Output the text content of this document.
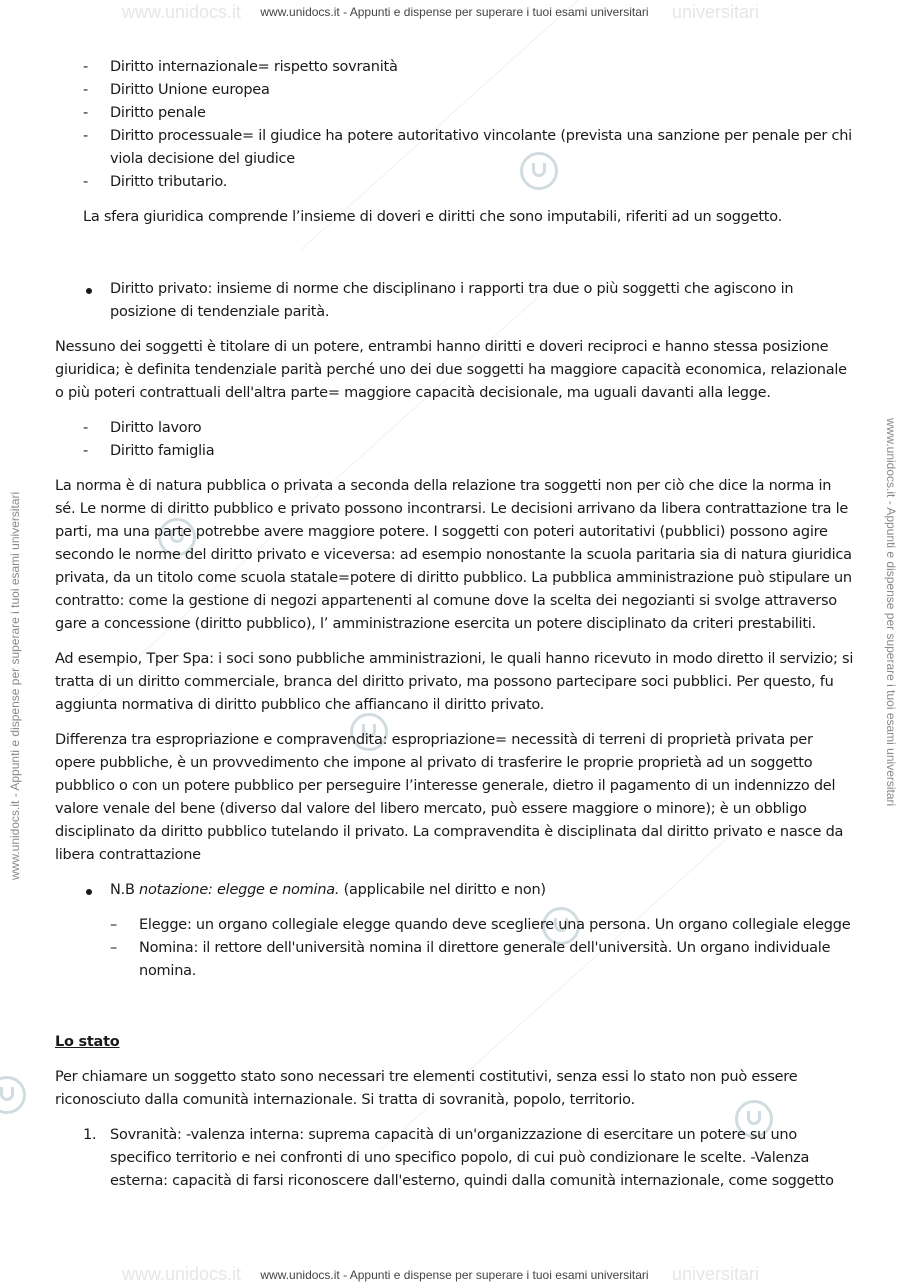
www.unidocs.it	universitari
www.unidocs.it	universitari
www.unidocs.it - Appunti e dispense per superare i tuoi esami universitari
www.unidocs.it - Appunti e dispense per superare i tuoi esami universitari
www.unidocs.it - Appunti e dispense per superare i tuoi esami universitari	www.unidocs.it - Appunti e dispense per superare i tuoi esami universitari
- Diritto internazionale= rispetto sovranità
- Diritto Unione europea
- Diritto penale
- Diritto processuale= il giudice ha potere autoritativo vincolante (prevista una sanzione per penale per chi viola decisione del giudice
- Diritto tributario.

La sfera giuridica comprende l’insieme di doveri e diritti che sono imputabili, riferiti ad un soggetto.

Diritto privato: insieme di norme che disciplinano i rapporti tra due o più soggetti che agiscono in posizione di tendenziale parità.

Nessuno dei soggetti è titolare di un potere, entrambi hanno diritti e doveri reciproci e hanno stessa posizione giuridica; è definita tendenziale parità perché uno dei due soggetti ha maggiore capacità economica, relazionale o più poteri contrattuali dell'altra parte= maggiore capacità decisionale, ma uguali davanti alla legge.

- Diritto lavoro
- Diritto famiglia

La norma è di natura pubblica o privata a seconda della relazione tra soggetti non per ciò che dice la norma in sé. Le norme di diritto pubblico e privato possono incontrarsi. Le decisioni arrivano da libera contrattazione tra le parti, ma una parte potrebbe avere maggiore potere. I soggetti con poteri autoritativi (pubblici) possono agire secondo le norme del diritto privato e viceversa: ad esempio nonostante la scuola paritaria sia di natura giuridica privata, da un titolo come scuola statale=potere di diritto pubblico. La pubblica amministrazione può stipulare un contratto: come la gestione di negozi appartenenti al comune dove la scelta dei negozianti si svolge attraverso gare a concessione (diritto pubblico), l’ amministrazione esercita un potere disciplinato da criteri prestabiliti.

Ad esempio, Tper Spa: i soci sono pubbliche amministrazioni, le quali hanno ricevuto in modo diretto il servizio; si tratta di un diritto commerciale, branca del diritto privato, ma possono partecipare soci pubblici. Per questo, fu aggiunta normativa di diritto pubblico che affiancano il diritto privato.

Differenza tra espropriazione e compravendita: espropriazione= necessità di terreni di proprietà privata per opere pubbliche, è un provvedimento che impone al privato di trasferire le proprie proprietà ad un soggetto pubblico o con un potere pubblico per perseguire l’interesse generale, dietro il pagamento di un indennizzo del valore venale del bene (diverso dal valore del libero mercato, può essere maggiore o minore); è un obbligo disciplinato da diritto pubblico tutelando il privato. La compravendita è disciplinata dal diritto privato e nasce da libera contrattazione

N.B notazione: elegge e nomina. (applicabile nel diritto e non)
– Elegge: un organo collegiale elegge quando deve scegliere una persona. Un organo collegiale elegge
– Nomina: il rettore dell'università nomina il direttore generale dell'università. Un organo individuale nomina.
Lo stato

Per chiamare un soggetto stato sono necessari tre elementi costitutivi, senza essi lo stato non può essere riconosciuto dalla comunità internazionale. Si tratta di sovranità, popolo, territorio.

1. Sovranità: -valenza interna: suprema capacità di un'organizzazione di esercitare un potere su uno specifico territorio e nei confronti di uno specifico popolo, di cui può condizionare le scelte. -Valenza esterna: capacità di farsi riconoscere dall'esterno, quindi dalla comunità internazionale, come soggetto
